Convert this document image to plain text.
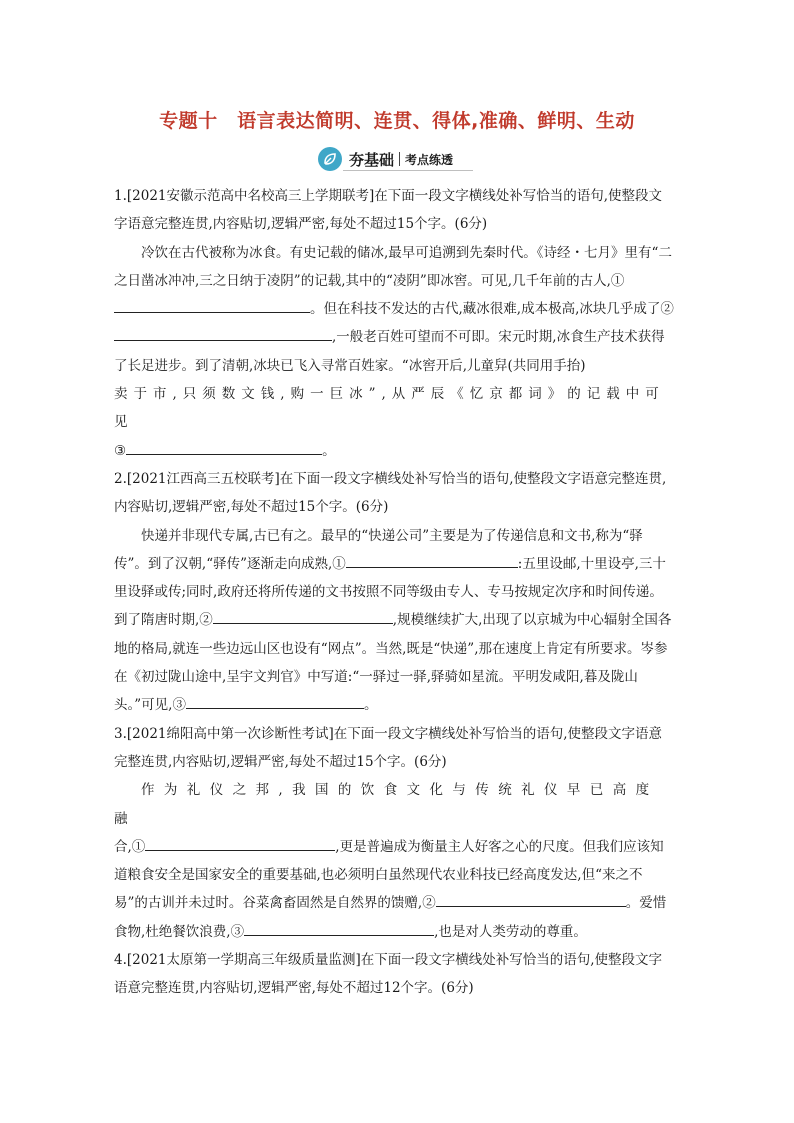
专题十　语言表达简明、连贯、得体,准确、鲜明、生动
夯基础 考点练透

1.[2021安徽示范高中名校高三上学期联考]在下面一段文字横线处补写恰当的语句,使整段文字语意完整连贯,内容贴切,逻辑严密,每处不超过15个字。(6分)

冷饮在古代被称为冰食。有史记载的储冰,最早可追溯到先秦时代。《诗经・七月》里有“二之日凿冰冲冲,三之日纳于凌阴”的记载,其中的“凌阴”即冰窖。可见,几千年前的古人,①。但在科技不发达的古代,藏冰很难,成本极高,冰块几乎成了②,一般老百姓可望而不可即。宋元时期,冰食生产技术获得了长足进步。到了清朝,冰块已飞入寻常百姓家。“冰窖开后,儿童舁(共同用手抬)
卖于市,只须数文钱,购一巨冰”,从严辰《忆京都词》的记载中可见
③	。

2.[2021江西高三五校联考]在下面一段文字横线处补写恰当的语句,使整段文字语意完整连贯,内容贴切,逻辑严密,每处不超过15个字。(6分)

快递并非现代专属,古已有之。最早的“快递公司”主要是为了传递信息和文书,称为“驿传”。到了汉朝,“驿传”逐渐走向成熟,①	:五里设邮,十里设亭,三十里设驿或传;同时,政府还将所传递的文书按照不同等级由专人、专马按规定次序和时间传递。到了隋唐时期,②	,规模继续扩大,出现了以京城为中心辐射全国各地的格局,就连一些边远山区也设有“网点”。当然,既是“快递”,那在速度上肯定有所要求。岑参在《初过陇山途中,呈宇文判官》中写道:“一驿过一驿,驿骑如星流。平明发咸阳,暮及陇山头。”可见,③	。

3.[2021绵阳高中第一次诊断性考试]在下面一段文字横线处补写恰当的语句,使整段文字语意完整连贯,内容贴切,逻辑严密,每处不超过15个字。(6分)

作为礼仪之邦,我国的饮食文化与传统礼仪早已高度融
合,①	,更是普遍成为衡量主人好客之心的尺度。但我们应该知道粮食安全是国家安全的重要基础,也必须明白虽然现代农业科技已经高度发达,但“来之不易”的古训并未过时。谷菜禽畜固然是自然界的馈赠,②	。爱惜食物,杜绝餐饮浪费,③	,也是对人类劳动的尊重。

4.[2021太原第一学期高三年级质量监测]在下面一段文字横线处补写恰当的语句,使整段文字语意完整连贯,内容贴切,逻辑严密,每处不超过12个字。(6分)
